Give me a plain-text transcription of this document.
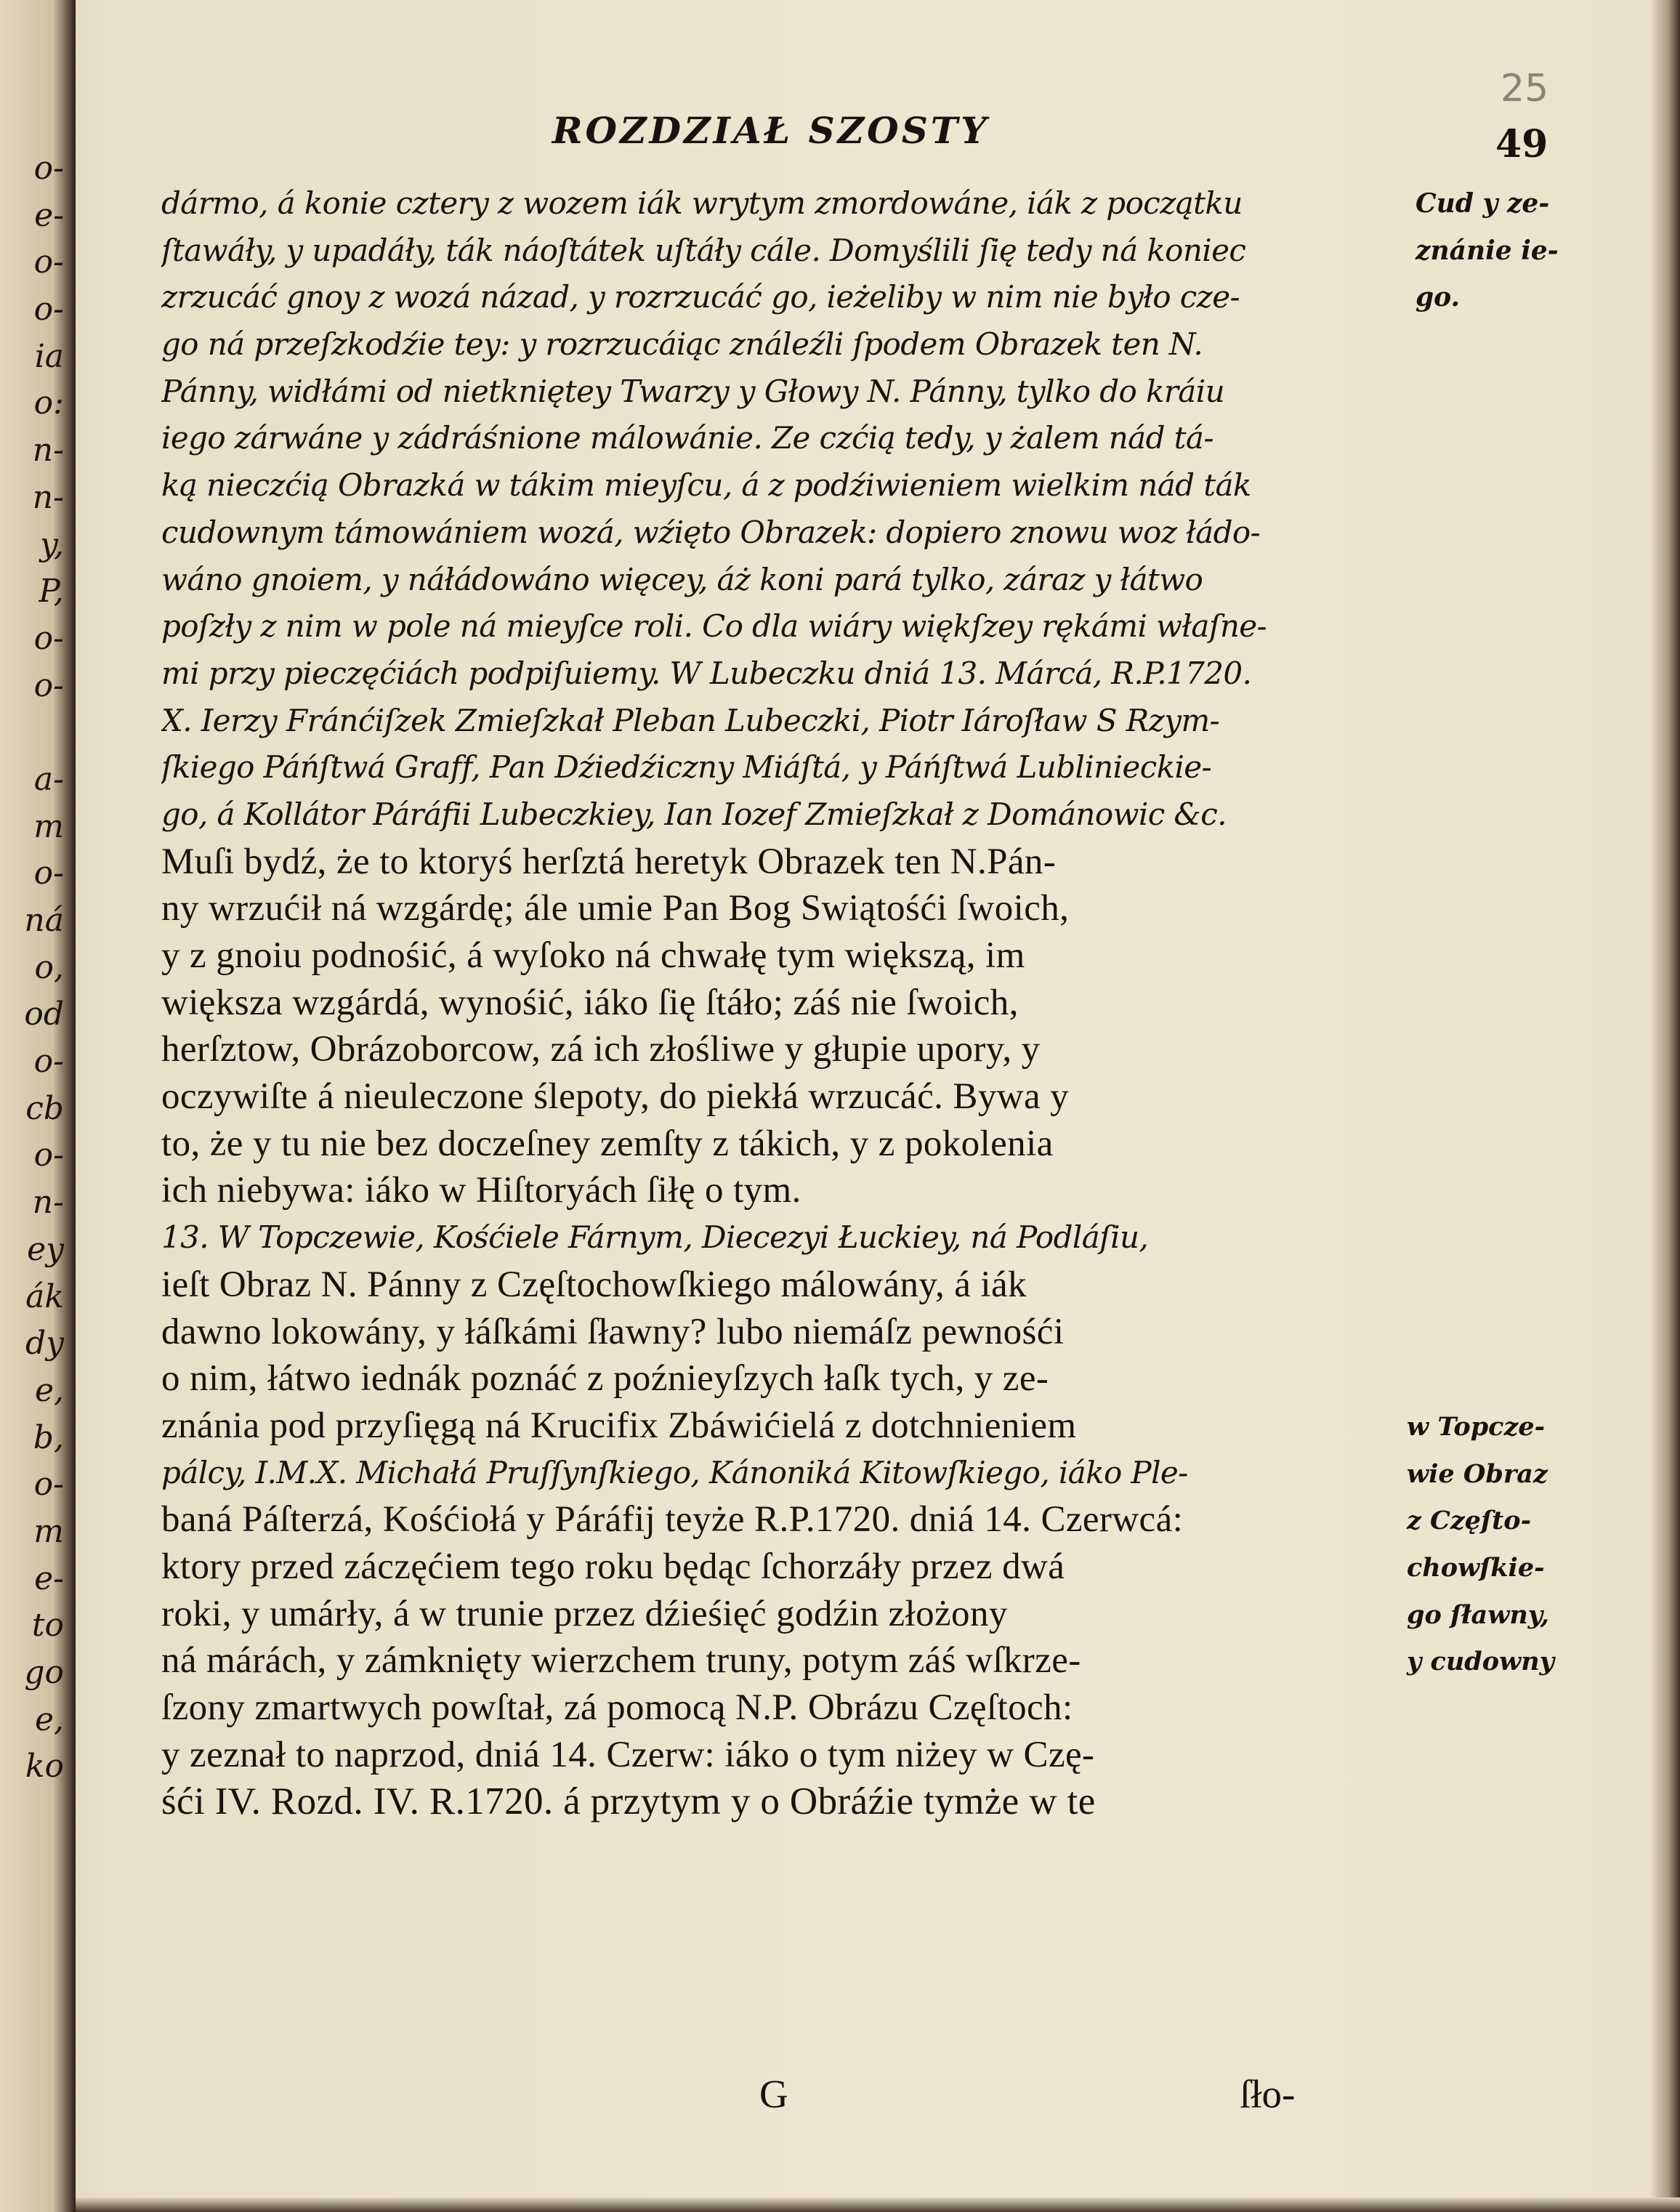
o-
e-
o-
o-
ia
o:
n-
n-
y,
P,
o-
o-
a-
m
o-
ná
o,
od
o-
cb
o-
n-
ey
ák
dy
e,
b,
o-
m
e-
to
go
e,
ko
25
ROZDZIAŁ SZOSTY	49
dármo, á konie cztery z wozem iák wrytym zmordowáne, iák z początku
ſtawáły, y upadáły, ták náoſtátek uſtáły cále. Domyślili ſię tedy ná koniec
zrzucáć gnoy z wozá názad, y rozrzucáć go, ieżeliby w nim nie było cze-
go ná przeſzkodźie tey: y rozrzucáiąc ználeźli ſpodem Obrazek ten N.
Pánny, widłámi od nietkniętey Twarzy y Głowy N. Pánny, tylko do kráiu
iego zárwáne y zádráśnione málowánie. Ze czćią tedy, y żalem nád tá-
ką nieczćią Obrazká w tákim mieyſcu, á z podźiwieniem wielkim nád ták
cudownym támowániem wozá, wźięto Obrazek: dopiero znowu woz łádo-
wáno gnoiem, y náłádowáno więcey, áż koni pará tylko, záraz y łátwo
poſzły z nim w pole ná mieyſce roli. Co dla wiáry więkſzey rękámi właſne-
mi przy pieczęćiách podpiſuiemy. W Lubeczku dniá 13. Márcá, R.P.1720.
X. Ierzy Fránćiſzek Zmieſzkał Pleban Lubeczki, Piotr Iároſław S Rzym-
ſkiego Páńſtwá Graff, Pan Dźiedźiczny Miáſtá, y Páńſtwá Lublinieckie-
go, á Kollátor Páráfii Lubeczkiey, Ian Iozef Zmieſzkał z Dománowic &c.
Muſi bydź, że to ktoryś herſztá heretyk Obrazek ten N.Pán-
ny wrzućił ná wzgárdę; ále umie Pan Bog Swiątośći ſwoich,
y z gnoiu podnośić, á wyſoko ná chwałę tym większą, im
większa wzgárdá, wynośić, iáko ſię ſtáło; záś nie ſwoich,
herſztow, Obrázoborcow, zá ich złośliwe y głupie upory, y
oczywiſte á nieuleczone ślepoty, do piekłá wrzucáć. Bywa y
to, że y tu nie bez doczeſney zemſty z tákich, y z pokolenia
ich niebywa: iáko w Hiſtoryách ſiłę o tym.
13. W Topczewie, Kośćiele Fárnym, Diecezyi Łuckiey, ná Podláſiu,
ieſt Obraz N. Pánny z Częſtochowſkiego málowány, á iák
dawno lokowány, y łáſkámi ſławny? lubo niemáſz pewnośći
o nim, łátwo iednák poznáć z poźnieyſzych łaſk tych, y ze-
znánia pod przyſięgą ná Krucifix Zbáwićielá z dotchnieniem
pálcy, I.M.X. Michałá Pruſſynſkiego, Kánoniká Kitowſkiego, iáko Ple-
baná Páſterzá, Kośćiołá y Páráfij teyże R.P.1720. dniá 14. Czerwcá:
ktory przed záczęćiem tego roku będąc ſchorzáły przez dwá
roki, y umárły, á w trunie przez dźieśięć godźin złożony
ná márách, y zámknięty wierzchem truny, potym záś wſkrze-
ſzony zmartwych powſtał, zá pomocą N.P. Obrázu Częſtoch:
y zeznał to naprzod, dniá 14. Czerw: iáko o tym niżey w Czę-
śći IV. Rozd. IV. R.1720. á przytym y o Obráźie tymże w te
Cud y ze-
znánie ie-
go.
w Topcze-
wie Obraz
z Częſto-
chowſkie-
go ſławny,
y cudowny
G	ſło-
